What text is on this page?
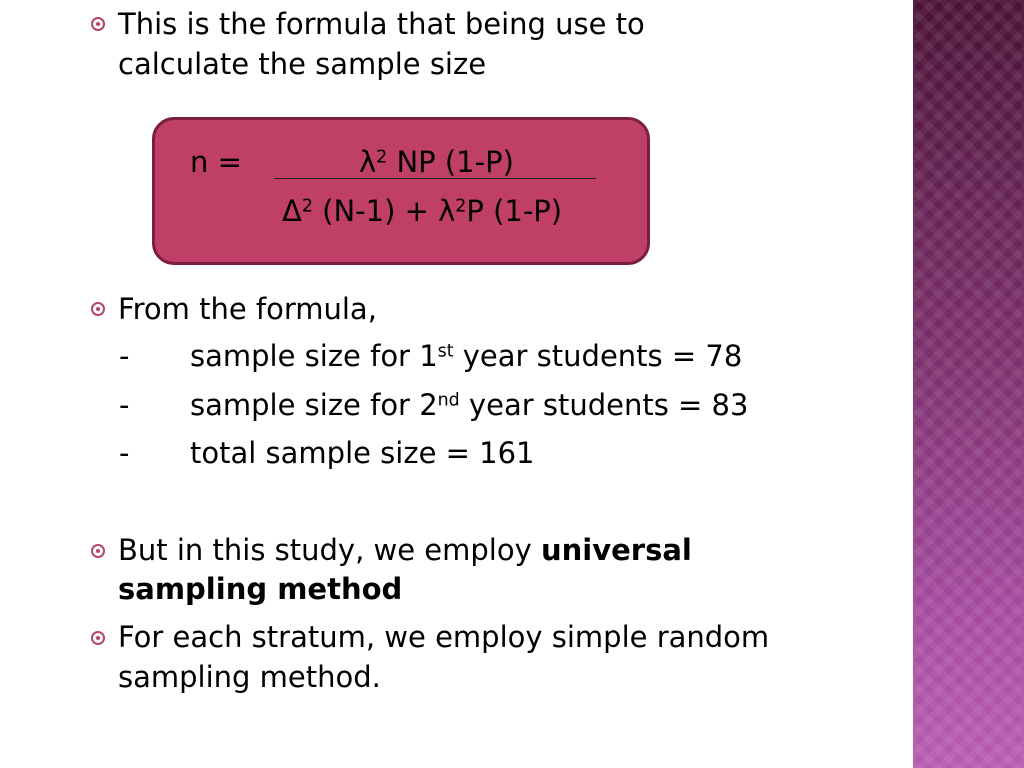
This is the formula that being use to
calculate the sample size
n =	$\lambda^2$ NP (1-P)
$\Delta^2$ $(N-1) + \lambda^2P$ (1-P)
From the formula,
- sample size for 1st year students = 78
- sample size for 2nd year students = 83
- total sample size = 161
But in this study, we employ universal
sampling method
For each stratum, we employ simple random
sampling method.
